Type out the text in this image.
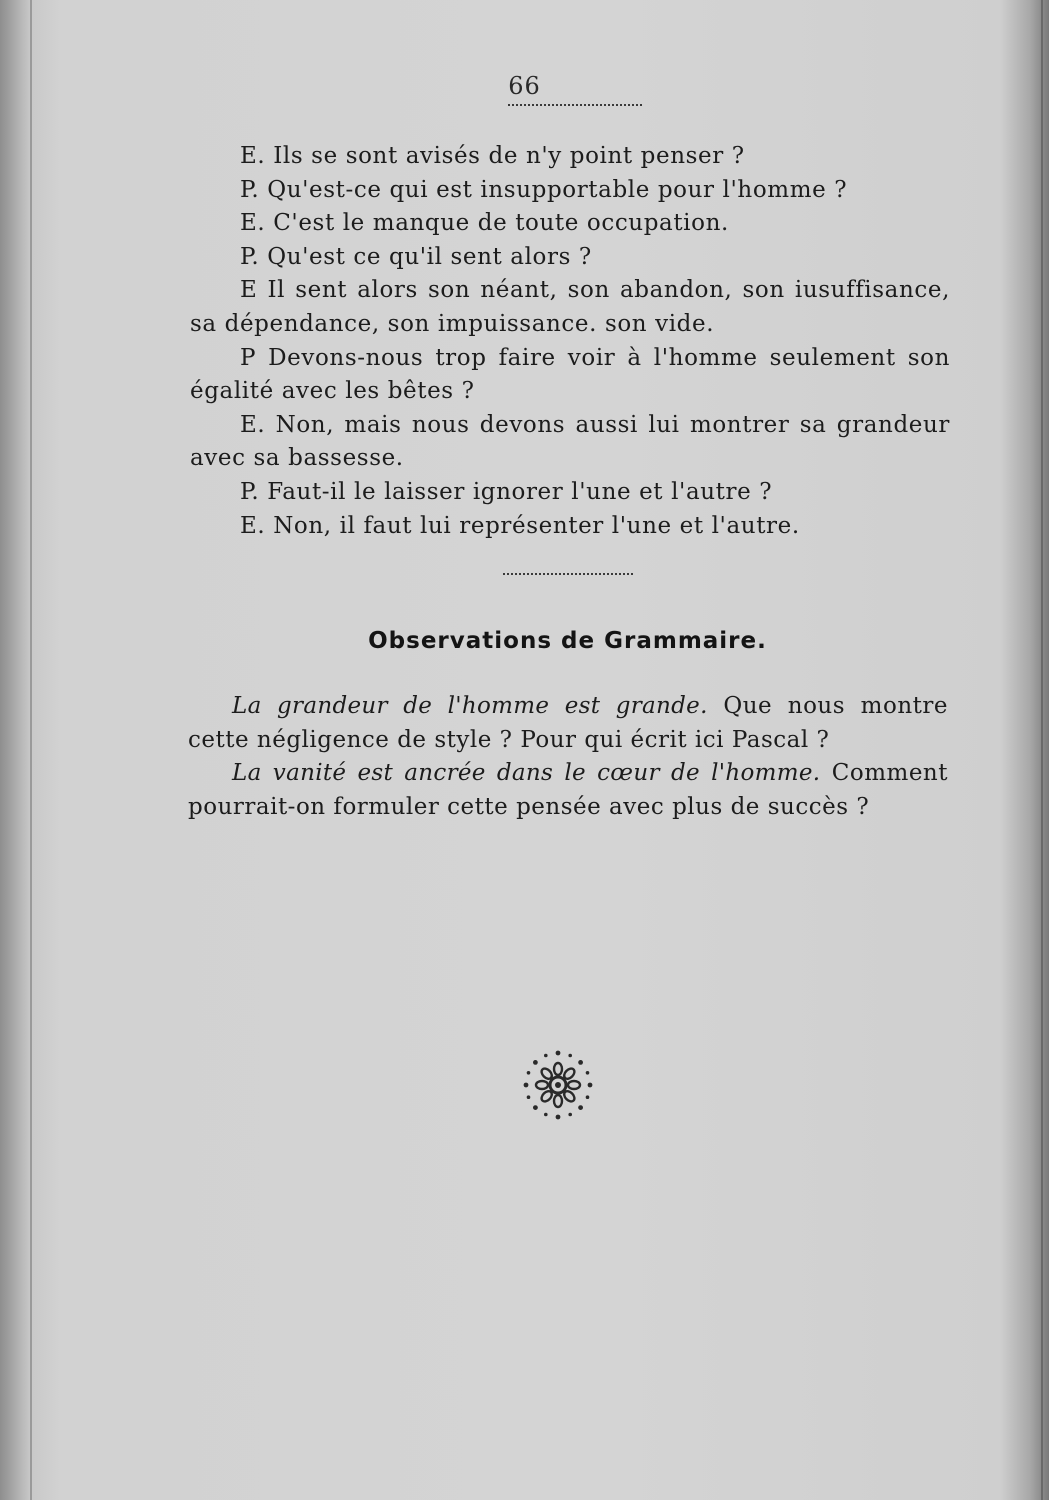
66

E. Ils se sont avisés de n'y point penser ?

P. Qu'est-ce qui est insupportable pour l'homme ?

E. C'est le manque de toute occupation.

P. Qu'est ce qu'il sent alors ?

E Il sent alors son néant, son abandon, son iusuffisance, sa dépendance, son impuissance. son vide.

P Devons-nous trop faire voir à l'homme seulement son égalité avec les bêtes ?

E. Non, mais nous devons aussi lui montrer sa grandeur avec sa bassesse.

P. Faut-il le laisser ignorer l'une et l'autre ?

E. Non, il faut lui représenter l'une et l'autre.

Observations de Grammaire.

La grandeur de l'homme est grande. Que nous montre cette négligence de style ? Pour qui écrit ici Pascal ?

La vanité est ancrée dans le cœur de l'homme. Comment pourrait-on formuler cette pensée avec plus de succès ?
